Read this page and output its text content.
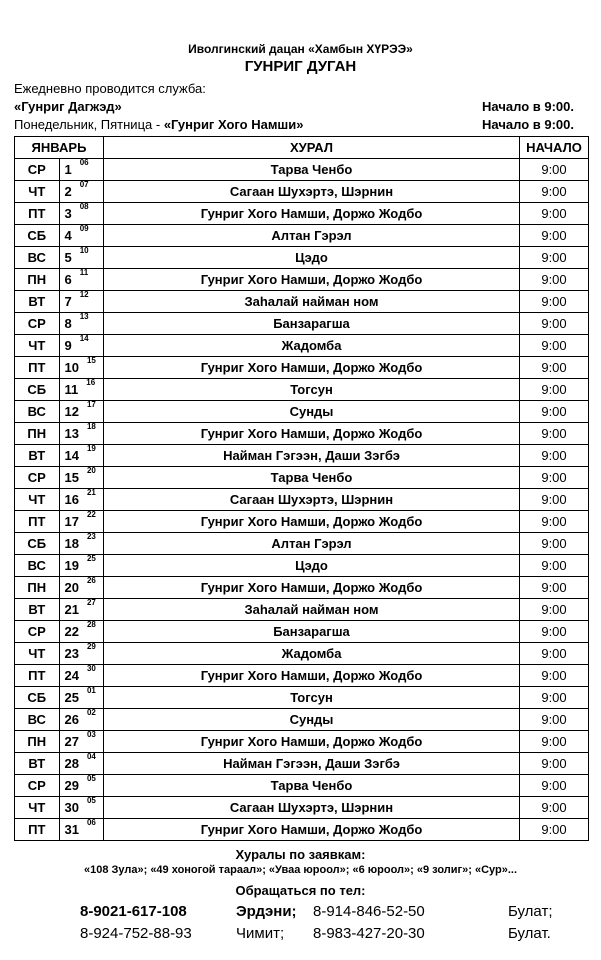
Иволгинский дацан «Хамбын ХҮРЭЭ»
ГУНРИГ ДУГАН
Ежедневно проводится служба:
«Гунриг Дагжэд»	Начало в 9:00.
Понедельник, Пятница - «Гунриг Хого Намши»	Начало в 9:00.
ЯНВАРЬ		ХУРАЛ	НАЧАЛО
СР	1 $^{06}$	Тарва Ченбо	9:00
ЧТ	2 $^{07}$	Сагаан Шухэртэ, Шэрнин	9:00
ПТ	3 $^{08}$	Гунриг Хого Намши, Доржо Жодбо	9:00
СБ	4 $^{09}$	Алтан Гэрэл	9:00
ВС	5 $^{10}$	Цэдо	9:00
ПН	6 $^{11}$	Гунриг Хого Намши, Доржо Жодбо	9:00
ВТ	7 $^{12}$	Заһалай найман ном	9:00
СР	8 $^{13}$	Банзарагша	9:00
ЧТ	9 $^{14}$	Жадомба	9:00
ПТ	10 $^{15}$	Гунриг Хого Намши, Доржо Жодбо	9:00
СБ	11 $^{16}$	Тогсун	9:00
ВС	12 $^{17}$	Сунды	9:00
ПН	13 $^{18}$	Гунриг Хого Намши, Доржо Жодбо	9:00
ВТ	14 $^{19}$	Найман Гэгээн, Даши Зэгбэ	9:00
СР	15 $^{20}$	Тарва Ченбо	9:00
ЧТ	16 $^{21}$	Сагаан Шухэртэ, Шэрнин	9:00
ПТ	17 $^{22}$	Гунриг Хого Намши, Доржо Жодбо	9:00
СБ	18 $^{23}$	Алтан Гэрэл	9:00
ВС	19 $^{25}$	Цэдо	9:00
ПН	20 $^{26}$	Гунриг Хого Намши, Доржо Жодбо	9:00
ВТ	21 $^{27}$	Заһалай найман ном	9:00
СР	22 $^{28}$	Банзарагша	9:00
ЧТ	23 $^{29}$	Жадомба	9:00
ПТ	24 $^{30}$	Гунриг Хого Намши, Доржо Жодбо	9:00
СБ	25 $^{01}$	Тогсун	9:00
ВС	26 $^{02}$	Сунды	9:00
ПН	27 $^{03}$	Гунриг Хого Намши, Доржо Жодбо	9:00
ВТ	28 $^{04}$	Найман Гэгээн, Даши Зэгбэ	9:00
СР	29 $^{05}$	Тарва Ченбо	9:00
ЧТ	30 $^{05}$	Сагаан Шухэртэ, Шэрнин	9:00
ПТ	31 $^{06}$	Гунриг Хого Намши, Доржо Жодбо	9:00
Хуралы по заявкам:
«108 Зула»; «49 хоногой тараал»; «Уваа юроол»; «6 юроол»; «9 золиг»; «Сур»...
Обращаться по тел:
8-9021-617-108	Эрдэни; 8-914-846-52-50	Булат;
8-924-752-88-93	Чимит; 8-983-427-20-30	Булат.
